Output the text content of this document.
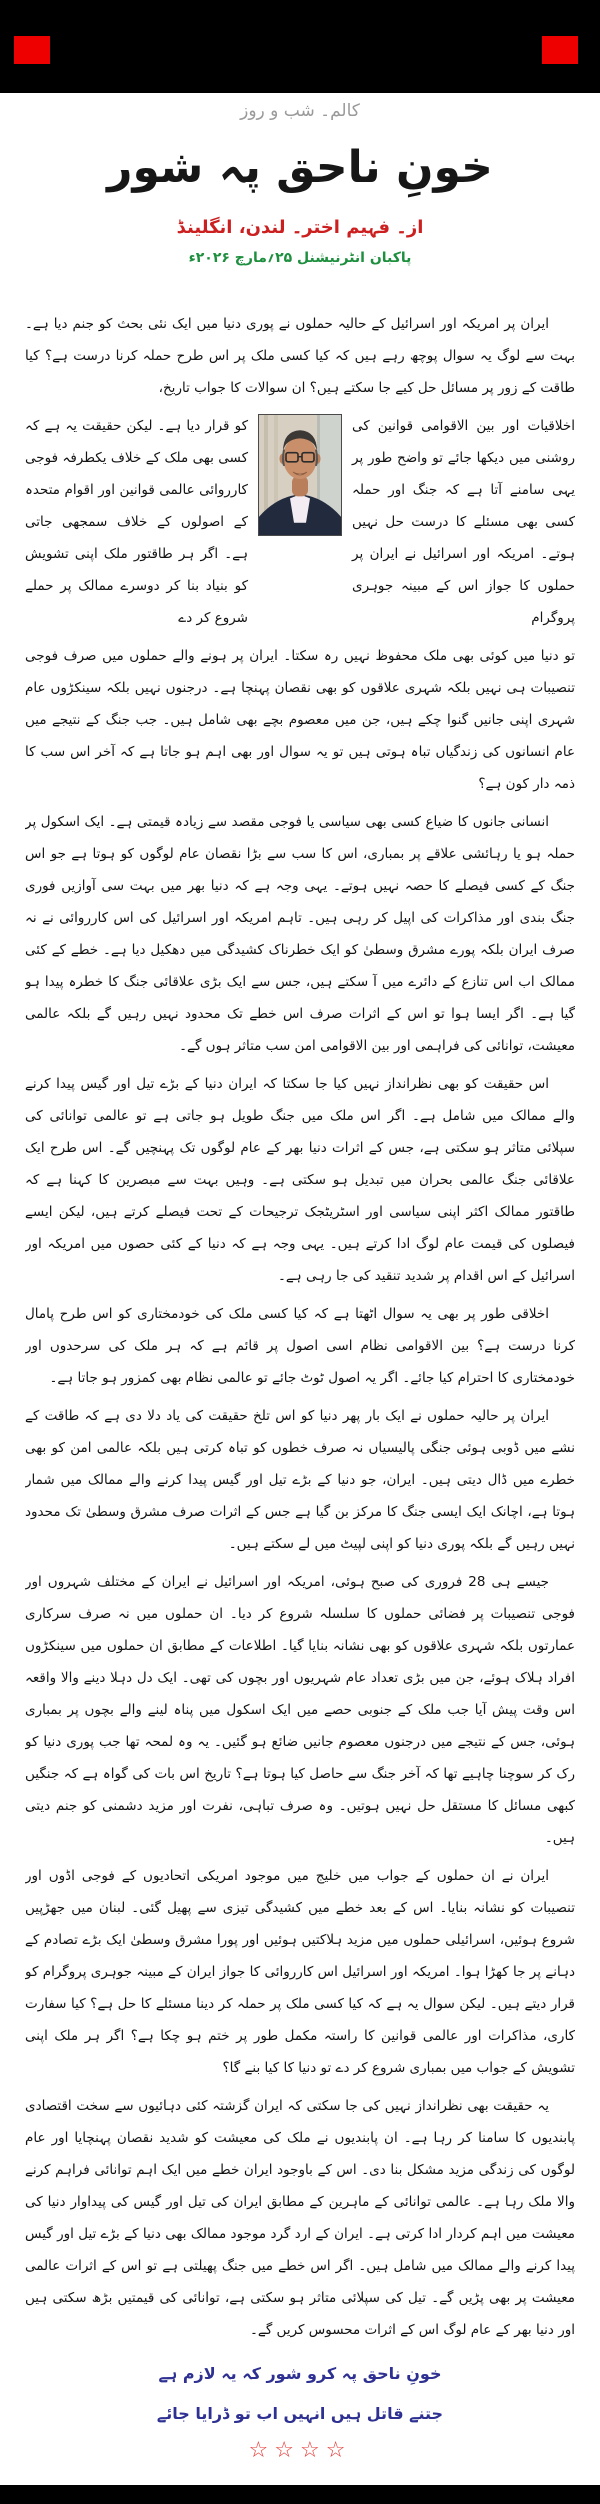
کالم۔ شب و روز
خونِ ناحق پہ شور
از۔ فہیم اختر۔ لندن، انگلینڈ
پاکبان انٹرنیشنل ۲۵؍مارچ ۲۰۲۶ء

ایران پر امریکہ اور اسرائیل کے حالیہ حملوں نے پوری دنیا میں ایک نئی بحث کو جنم دیا ہے۔ بہت سے لوگ یہ سوال پوچھ رہے ہیں کہ کیا کسی ملک پر اس طرح حملہ کرنا درست ہے؟ کیا طاقت کے زور پر مسائل حل کیے جا سکتے ہیں؟ ان سوالات کا جواب تاریخ،

اخلاقیات اور بین الاقوامی قوانین کی روشنی میں دیکھا جائے تو واضح طور پر یہی سامنے آتا ہے کہ جنگ اور حملہ کسی بھی مسئلے کا درست حل نہیں ہوتے۔ امریکہ اور اسرائیل نے ایران پر حملوں کا جواز اس کے مبینہ جوہری پروگرام
کو قرار دیا ہے۔ لیکن حقیقت یہ ہے کہ کسی بھی ملک کے خلاف یکطرفہ فوجی کارروائی عالمی قوانین اور اقوام متحدہ کے اصولوں کے خلاف سمجھی جاتی ہے۔ اگر ہر طاقتور ملک اپنی تشویش کو بنیاد بنا کر دوسرے ممالک پر حملے شروع کر دے

تو دنیا میں کوئی بھی ملک محفوظ نہیں رہ سکتا۔ ایران پر ہونے والے حملوں میں صرف فوجی تنصیبات ہی نہیں بلکہ شہری علاقوں کو بھی نقصان پہنچا ہے۔ درجنوں نہیں بلکہ سینکڑوں عام شہری اپنی جانیں گنوا چکے ہیں، جن میں معصوم بچے بھی شامل ہیں۔ جب جنگ کے نتیجے میں عام انسانوں کی زندگیاں تباہ ہوتی ہیں تو یہ سوال اور بھی اہم ہو جاتا ہے کہ آخر اس سب کا ذمہ دار کون ہے؟

انسانی جانوں کا ضیاع کسی بھی سیاسی یا فوجی مقصد سے زیادہ قیمتی ہے۔ ایک اسکول پر حملہ ہو یا رہائشی علاقے پر بمباری، اس کا سب سے بڑا نقصان عام لوگوں کو ہوتا ہے جو اس جنگ کے کسی فیصلے کا حصہ نہیں ہوتے۔ یہی وجہ ہے کہ دنیا بھر میں بہت سی آوازیں فوری جنگ بندی اور مذاکرات کی اپیل کر رہی ہیں۔ تاہم امریکہ اور اسرائیل کی اس کارروائی نے نہ صرف ایران بلکہ پورے مشرق وسطیٰ کو ایک خطرناک کشیدگی میں دھکیل دیا ہے۔ خطے کے کئی ممالک اب اس تنازع کے دائرے میں آ سکتے ہیں، جس سے ایک بڑی علاقائی جنگ کا خطرہ پیدا ہو گیا ہے۔ اگر ایسا ہوا تو اس کے اثرات صرف اس خطے تک محدود نہیں رہیں گے بلکہ عالمی معیشت، توانائی کی فراہمی اور بین الاقوامی امن سب متاثر ہوں گے۔

اس حقیقت کو بھی نظرانداز نہیں کیا جا سکتا کہ ایران دنیا کے بڑے تیل اور گیس پیدا کرنے والے ممالک میں شامل ہے۔ اگر اس ملک میں جنگ طویل ہو جاتی ہے تو عالمی توانائی کی سپلائی متاثر ہو سکتی ہے، جس کے اثرات دنیا بھر کے عام لوگوں تک پہنچیں گے۔ اس طرح ایک علاقائی جنگ عالمی بحران میں تبدیل ہو سکتی ہے۔ وہیں بہت سے مبصرین کا کہنا ہے کہ طاقتور ممالک اکثر اپنی سیاسی اور اسٹریٹجک ترجیحات کے تحت فیصلے کرتے ہیں، لیکن ایسے فیصلوں کی قیمت عام لوگ ادا کرتے ہیں۔ یہی وجہ ہے کہ دنیا کے کئی حصوں میں امریکہ اور اسرائیل کے اس اقدام پر شدید تنقید کی جا رہی ہے۔

اخلاقی طور پر بھی یہ سوال اٹھتا ہے کہ کیا کسی ملک کی خودمختاری کو اس طرح پامال کرنا درست ہے؟ بین الاقوامی نظام اسی اصول پر قائم ہے کہ ہر ملک کی سرحدوں اور خودمختاری کا احترام کیا جائے۔ اگر یہ اصول ٹوٹ جائے تو عالمی نظام بھی کمزور ہو جاتا ہے۔

ایران پر حالیہ حملوں نے ایک بار پھر دنیا کو اس تلخ حقیقت کی یاد دلا دی ہے کہ طاقت کے نشے میں ڈوبی ہوئی جنگی پالیسیاں نہ صرف خطوں کو تباہ کرتی ہیں بلکہ عالمی امن کو بھی خطرے میں ڈال دیتی ہیں۔ ایران، جو دنیا کے بڑے تیل اور گیس پیدا کرنے والے ممالک میں شمار ہوتا ہے، اچانک ایک ایسی جنگ کا مرکز بن گیا ہے جس کے اثرات صرف مشرق وسطیٰ تک محدود نہیں رہیں گے بلکہ پوری دنیا کو اپنی لپیٹ میں لے سکتے ہیں۔

جیسے ہی 28 فروری کی صبح ہوئی، امریکہ اور اسرائیل نے ایران کے مختلف شہروں اور فوجی تنصیبات پر فضائی حملوں کا سلسلہ شروع کر دیا۔ ان حملوں میں نہ صرف سرکاری عمارتوں بلکہ شہری علاقوں کو بھی نشانہ بنایا گیا۔ اطلاعات کے مطابق ان حملوں میں سینکڑوں افراد ہلاک ہوئے، جن میں بڑی تعداد عام شہریوں اور بچوں کی تھی۔ ایک دل دہلا دینے والا واقعہ اس وقت پیش آیا جب ملک کے جنوبی حصے میں ایک اسکول میں پناہ لینے والے بچوں پر بمباری ہوئی، جس کے نتیجے میں درجنوں معصوم جانیں ضائع ہو گئیں۔ یہ وہ لمحہ تھا جب پوری دنیا کو رک کر سوچنا چاہیے تھا کہ آخر جنگ سے حاصل کیا ہوتا ہے؟ تاریخ اس بات کی گواہ ہے کہ جنگیں کبھی مسائل کا مستقل حل نہیں ہوتیں۔ وہ صرف تباہی، نفرت اور مزید دشمنی کو جنم دیتی ہیں۔

ایران نے ان حملوں کے جواب میں خلیج میں موجود امریکی اتحادیوں کے فوجی اڈوں اور تنصیبات کو نشانہ بنایا۔ اس کے بعد خطے میں کشیدگی تیزی سے پھیل گئی۔ لبنان میں جھڑپیں شروع ہوئیں، اسرائیلی حملوں میں مزید ہلاکتیں ہوئیں اور پورا مشرق وسطیٰ ایک بڑے تصادم کے دہانے پر جا کھڑا ہوا۔ امریکہ اور اسرائیل اس کارروائی کا جواز ایران کے مبینہ جوہری پروگرام کو قرار دیتے ہیں۔ لیکن سوال یہ ہے کہ کیا کسی ملک پر حملہ کر دینا مسئلے کا حل ہے؟ کیا سفارت کاری، مذاکرات اور عالمی قوانین کا راستہ مکمل طور پر ختم ہو چکا ہے؟ اگر ہر ملک اپنی تشویش کے جواب میں بمباری شروع کر دے تو دنیا کا کیا بنے گا؟

یہ حقیقت بھی نظرانداز نہیں کی جا سکتی کہ ایران گزشتہ کئی دہائیوں سے سخت اقتصادی پابندیوں کا سامنا کر رہا ہے۔ ان پابندیوں نے ملک کی معیشت کو شدید نقصان پہنچایا اور عام لوگوں کی زندگی مزید مشکل بنا دی۔ اس کے باوجود ایران خطے میں ایک اہم توانائی فراہم کرنے والا ملک رہا ہے۔ عالمی توانائی کے ماہرین کے مطابق ایران کی تیل اور گیس کی پیداوار دنیا کی معیشت میں اہم کردار ادا کرتی ہے۔ ایران کے ارد گرد موجود ممالک بھی دنیا کے بڑے تیل اور گیس پیدا کرنے والے ممالک میں شامل ہیں۔ اگر اس خطے میں جنگ پھیلتی ہے تو اس کے اثرات عالمی معیشت پر بھی پڑیں گے۔ تیل کی سپلائی متاثر ہو سکتی ہے، توانائی کی قیمتیں بڑھ سکتی ہیں اور دنیا بھر کے عام لوگ اس کے اثرات محسوس کریں گے۔

خونِ ناحق پہ کرو شور کہ یہ لازم ہے
جتنے قاتل ہیں انہیں اب تو ڈرایا جائے
☆☆☆☆
